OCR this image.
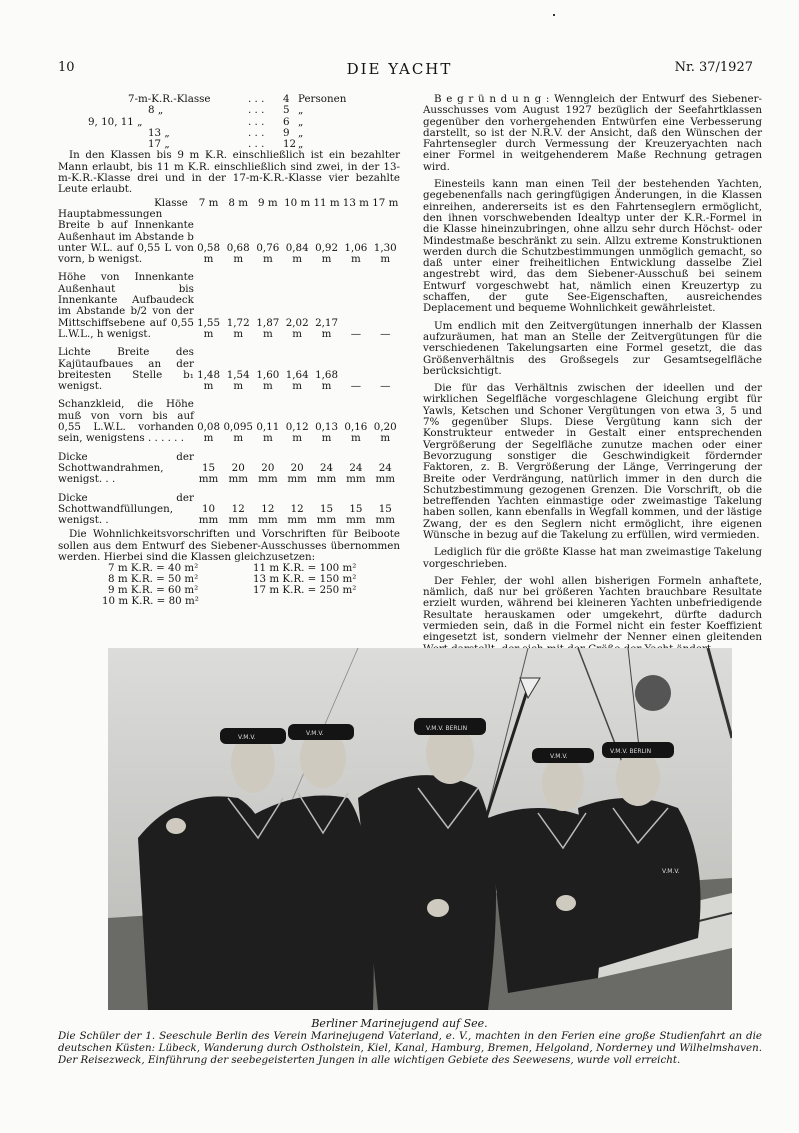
10	DIE YACHT	Nr. 37/1927
7-m-K.R.-Klasse	. . . 4 Personen
8 „	. . . 5 „
9, 10, 11 „	. . . 6 „
13 „	. . . 9 „
17 „	. . . 12 „

In den Klassen bis 9 m K.R. einschließlich ist ein bezahlter Mann erlaubt, bis 11 m K.R. einschließlich sind zwei, in der 13-m-K.R.-Klasse drei und in der 17-m-K.R.-Klasse vier bezahlte Leute erlaubt.

Klasse	7 m	8 m	9 m	10 m	11 m	13 m	17 m
Hauptabmessungen Breite b auf Innenkante Außenhaut im Abstande b unter W.L. auf 0,55 L von vorn, b wenigst.	0,58 m	0,68 m	0,76 m	0,84 m	0,92 m	1,06 m	1,30 m

Höhe von Innenkante Außenhaut bis Innenkante Aufbaudeck im Abstande b/2 von der Mittschiffsebene auf 0,55 L.W.L., h wenigst.	1,55 m	1,72 m	1,87 m	2,02 m	2,17 m	—	—

Lichte Breite des Kajütaufbaues an der breitesten Stelle b₁ wenigst.	1,48 m	1,54 m	1,60 m	1,64 m	1,68 m	—	—

Schanzkleid, die Höhe muß von vorn bis auf 0,55 L.W.L. vorhanden sein, wenigstens . . . . . .	0,08 m	0,095 m	0,11 m	0,12 m	0,13 m	0,16 m	0,20 m

Dicke der Schottwandrahmen, wenigst. . .	15 mm	20 mm	20 mm	20 mm	24 mm	24 mm	24 mm

Dicke der Schottwandfüllungen, wenigst. .	10 mm	12 mm	12 mm	12 mm	15 mm	15 mm	15 mm

Die Wohnlichkeitsvorschriften und Vorschriften für Beiboote sollen aus dem Entwurf des Siebener-Ausschusses übernommen werden. Hierbei sind die Klassen gleichzusetzen:

7 m K.R. = 40 m²	11 m K.R. = 100 m²
8 m K.R. = 50 m²	13 m K.R. = 150 m²
9 m K.R. = 60 m²	17 m K.R. = 250 m²
10 m K.R. = 80 m²

B e g r ü n d u n g : Wenngleich der Entwurf des Siebener-Ausschusses vom August 1927 bezüglich der Seefahrtklassen gegenüber den vorhergehenden Entwürfen eine Verbesserung darstellt, so ist der N.R.V. der Ansicht, daß den Wünschen der Fahrtensegler durch Vermessung der Kreuzeryachten nach einer Formel in weitgehenderem Maße Rechnung getragen wird.

Einesteils kann man einen Teil der bestehenden Yachten, gegebenenfalls nach geringfügigen Änderungen, in die Klassen einreihen, andererseits ist es den Fahrtenseglern ermöglicht, den ihnen vorschwebenden Idealtyp unter der K.R.-Formel in die Klasse hineinzubringen, ohne allzu sehr durch Höchst- oder Mindestmaße beschränkt zu sein. Allzu extreme Konstruktionen werden durch die Schutzbestimmungen unmöglich gemacht, so daß unter einer freiheitlichen Entwicklung dasselbe Ziel angestrebt wird, das dem Siebener-Ausschuß bei seinem Entwurf vorgeschwebt hat, nämlich einen Kreuzertyp zu schaffen, der gute See-Eigenschaften, ausreichendes Deplacement und bequeme Wohnlichkeit gewährleistet.

Um endlich mit den Zeitvergütungen innerhalb der Klassen aufzuräumen, hat man an Stelle der Zeitvergütungen für die verschiedenen Takelungsarten eine Formel gesetzt, die das Größenverhältnis des Großsegels zur Gesamtsegelfläche berücksichtigt.

Die für das Verhältnis zwischen der ideellen und der wirklichen Segelfläche vorgeschlagene Gleichung ergibt für Yawls, Ketschen und Schoner Vergütungen von etwa 3, 5 und 7% gegenüber Slups. Diese Vergütung kann sich der Konstrukteur entweder in Gestalt einer entsprechenden Vergrößerung der Segelfläche zunutze machen oder einer Bevorzugung sonstiger die Geschwindigkeit fördernder Faktoren, z. B. Vergrößerung der Länge, Verringerung der Breite oder Verdrängung, natürlich immer in den durch die Schutzbestimmung gezogenen Grenzen. Die Vorschrift, ob die betreffenden Yachten einmastige oder zweimastige Takelung haben sollen, kann ebenfalls in Wegfall kommen, und der lästige Zwang, der es den Seglern nicht ermöglicht, ihre eigenen Wünsche in bezug auf die Takelung zu erfüllen, wird vermieden.

Lediglich für die größte Klasse hat man zweimastige Takelung vorgeschrieben.

Der Fehler, der wohl allen bisherigen Formeln anhaftete, nämlich, daß nur bei größeren Yachten brauchbare Resultate erzielt wurden, während bei kleineren Yachten unbefriedigende Resultate herauskamen oder umgekehrt, dürfte dadurch vermieden sein, daß in die Formel nicht ein fester Koeffizient eingesetzt ist, sondern vielmehr der Nenner einen gleitenden

V.M.V.
V.M.V.
V.M.V. BERLIN
V.M.V.
V.M.V. BERLIN
V.M.V.
Berliner Marinejugend auf See.
Die Schüler der 1. Seeschule Berlin des Verein Marinejugend Vaterland, e. V., machten in den Ferien eine große Studienfahrt an die deutschen Küsten: Lübeck, Wanderung durch Ostholstein, Kiel, Kanal, Hamburg, Bremen, Helgoland, Norderney und Wilhelmshaven. Der Reisezweck, Einführung der seebegeisterten Jungen in alle wichtigen Gebiete des Seewesens, wurde voll erreicht.
